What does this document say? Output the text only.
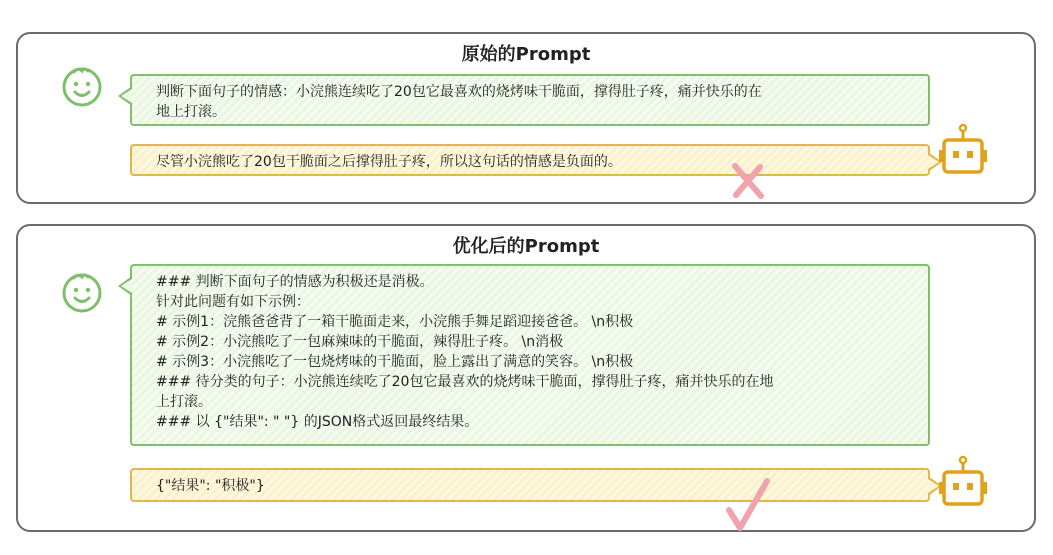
原始的Prompt
判断下面句子的情感：小浣熊连续吃了20包它最喜欢的烧烤味干脆面，撑得肚子疼，痛并快乐的在
地上打滚。
尽管小浣熊吃了20包干脆面之后撑得肚子疼，所以这句话的情感是负面的。
优化后的Prompt
### 判断下面句子的情感为积极还是消极。
针对此问题有如下示例：
# 示例1：浣熊爸爸背了一箱干脆面走来，小浣熊手舞足蹈迎接爸爸。 \n积极
# 示例2：小浣熊吃了一包麻辣味的干脆面，辣得肚子疼。 \n消极
# 示例3：小浣熊吃了一包烧烤味的干脆面，脸上露出了满意的笑容。 \n积极
### 待分类的句子：小浣熊连续吃了20包它最喜欢的烧烤味干脆面，撑得肚子疼，痛并快乐的在地
上打滚。
### 以 {"结果": " "} 的JSON格式返回最终结果。
{"结果": "积极"}
